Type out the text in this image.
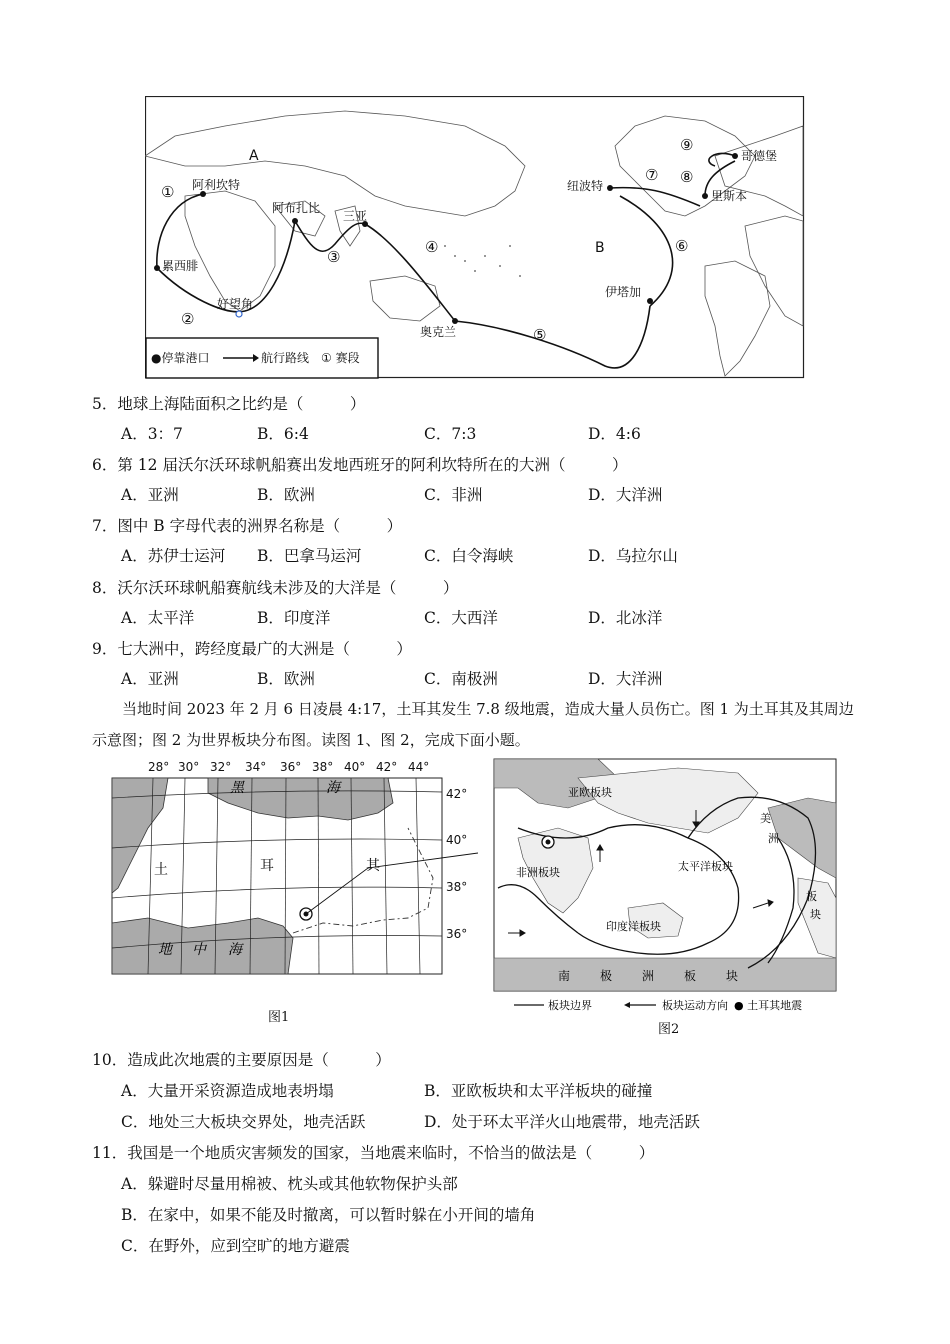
A
B
阿利坎特
累西腓
好望角
阿布扎比
三亚
奥克兰
伊塔加
纽波特
里斯本
哥德堡
①
②
③
④
⑤
⑥
⑦ ⑧
⑨
●停靠港口	航行路线 ① 赛段
5．地球上海陆面积之比约是（　　　）
A．3：7	B．6:4	C．7:3	D．4:6
6．第 12 届沃尔沃环球帆船赛出发地西班牙的阿利坎特所在的大洲（　　　）
A．亚洲	B．欧洲	C．非洲	D．大洋洲
7．图中 B 字母代表的洲界名称是（　　　）
A．苏伊士运河 B．巴拿马运河	C．白令海峡	D．乌拉尔山
8．沃尔沃环球帆船赛航线未涉及的大洋是（　　　）
A．太平洋	B．印度洋	C．大西洋	D．北冰洋
9．七大洲中，跨经度最广的大洲是（　　　）
A．亚洲	B．欧洲	C．南极洲	D．大洋洲
当地时间 2023 年 2 月 6 日凌晨 4:17，土耳其发生 7.8 级地震，造成大量人员伤亡。图 1 为土耳其及其周边示意图；图 2 为世界板块分布图。读图 1、图 2，完成下面小题。
28° 30° 32° 34° 36° 38° 40° 42° 44°
42°
40°
38°
36°
黑	海
地 中 海
土	耳	其
图1
亚欧板块
太平洋板块
非洲板块
印度洋板块
美
洲
板
块
南 极 洲 板 块
板块边界	板块运动方向 ● 土耳其地震
图2
10．造成此次地震的主要原因是（　　　）
A．大量开采资源造成地表坍塌	B．亚欧板块和太平洋板块的碰撞
C．地处三大板块交界处，地壳活跃	D．处于环太平洋火山地震带，地壳活跃
11．我国是一个地质灾害频发的国家，当地震来临时，不恰当的做法是（　　　）
A．躲避时尽量用棉被、枕头或其他软物保护头部
B．在家中，如果不能及时撤离，可以暂时躲在小开间的墙角
C．在野外，应到空旷的地方避震
